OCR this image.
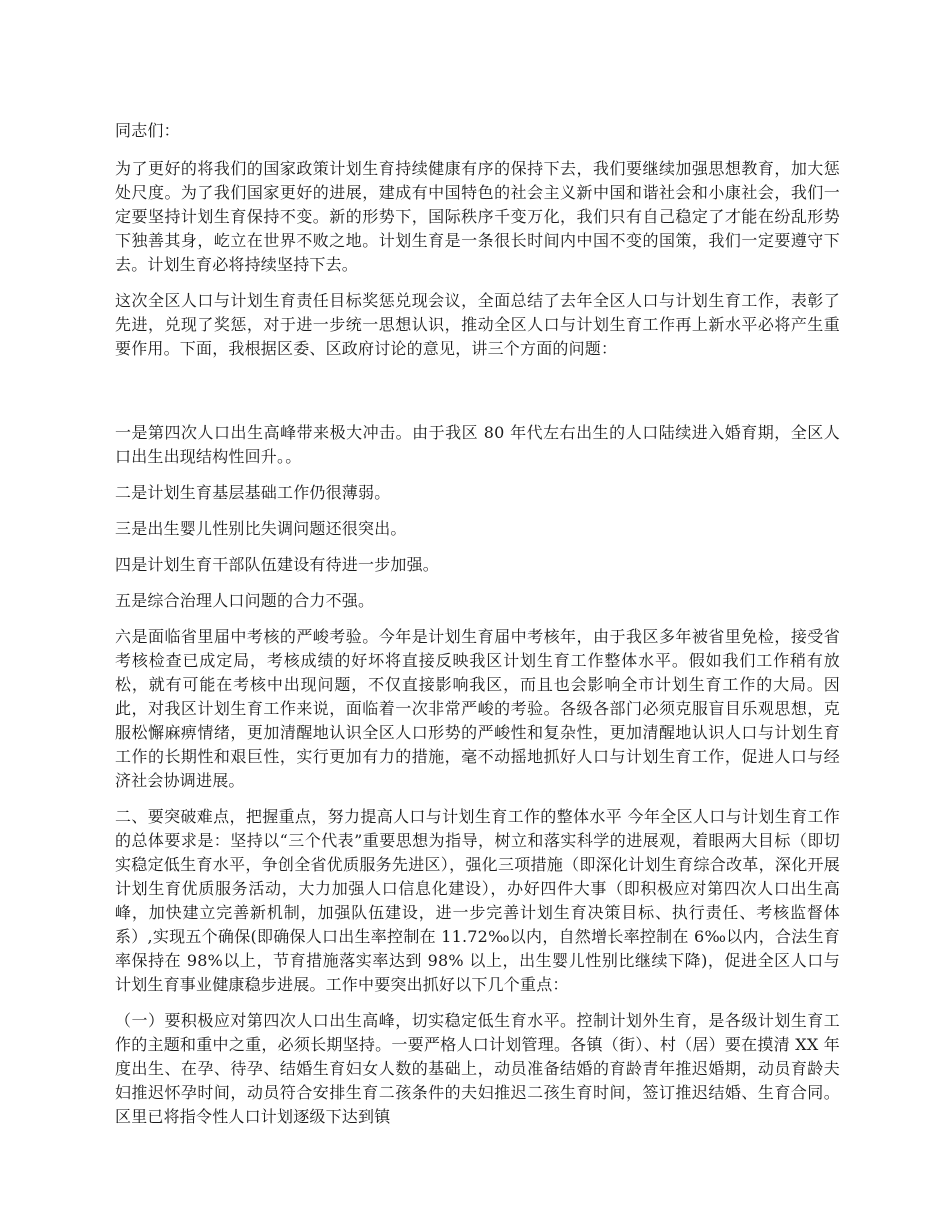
同志们：

为了更好的将我们的国家政策计划生育持续健康有序的保持下去，我们要继续加强思想教育，加大惩处尺度。为了我们国家更好的进展，建成有中国特色的社会主义新中国和谐社会和小康社会，我们一定要坚持计划生育保持不变。新的形势下，国际秩序千变万化，我们只有自己稳定了才能在纷乱形势下独善其身，屹立在世界不败之地。计划生育是一条很长时间内中国不变的国策，我们一定要遵守下去。计划生育必将持续坚持下去。

这次全区人口与计划生育责任目标奖惩兑现会议，全面总结了去年全区人口与计划生育工作，表彰了先进，兑现了奖惩，对于进一步统一思想认识，推动全区人口与计划生育工作再上新水平必将产生重要作用。下面，我根据区委、区政府讨论的意见，讲三个方面的问题：

一是第四次人口出生高峰带来极大冲击。由于我区 80 年代左右出生的人口陆续进入婚育期，全区人口出生出现结构性回升。。

二是计划生育基层基础工作仍很薄弱。

三是出生婴儿性别比失调问题还很突出。

四是计划生育干部队伍建设有待进一步加强。

五是综合治理人口问题的合力不强。

六是面临省里届中考核的严峻考验。今年是计划生育届中考核年，由于我区多年被省里免检，接受省考核检查已成定局，考核成绩的好坏将直接反映我区计划生育工作整体水平。假如我们工作稍有放松，就有可能在考核中出现问题，不仅直接影响我区，而且也会影响全市计划生育工作的大局。因此，对我区计划生育工作来说，面临着一次非常严峻的考验。各级各部门必须克服盲目乐观思想，克服松懈麻痹情绪，更加清醒地认识全区人口形势的严峻性和复杂性，更加清醒地认识人口与计划生育工作的长期性和艰巨性，实行更加有力的措施，毫不动摇地抓好人口与计划生育工作，促进人口与经济社会协调进展。

二、要突破难点，把握重点，努力提高人口与计划生育工作的整体水平 今年全区人口与计划生育工作的总体要求是：坚持以“三个代表”重要思想为指导，树立和落实科学的进展观，着眼两大目标（即切实稳定低生育水平，争创全省优质服务先进区），强化三项措施（即深化计划生育综合改革，深化开展计划生育优质服务活动，大力加强人口信息化建设），办好四件大事（即积极应对第四次人口出生高峰，加快建立完善新机制，加强队伍建设，进一步完善计划生育决策目标、执行责任、考核监督体系）,实现五个确保(即确保人口出生率控制在 11.72‰以内，自然增长率控制在 6‰以内，合法生育率保持在 98%以上，节育措施落实率达到 98% 以上，出生婴儿性别比继续下降)，促进全区人口与计划生育事业健康稳步进展。工作中要突出抓好以下几个重点：

（一）要积极应对第四次人口出生高峰，切实稳定低生育水平。控制计划外生育，是各级计划生育工作的主题和重中之重，必须长期坚持。一要严格人口计划管理。各镇（街）、村（居）要在摸清 XX 年度出生、在孕、待孕、结婚生育妇女人数的基础上，动员准备结婚的育龄青年推迟婚期，动员育龄夫妇推迟怀孕时间，动员符合安排生育二孩条件的夫妇推迟二孩生育时间，签订推迟结婚、生育合同。区里已将指令性人口计划逐级下达到镇
